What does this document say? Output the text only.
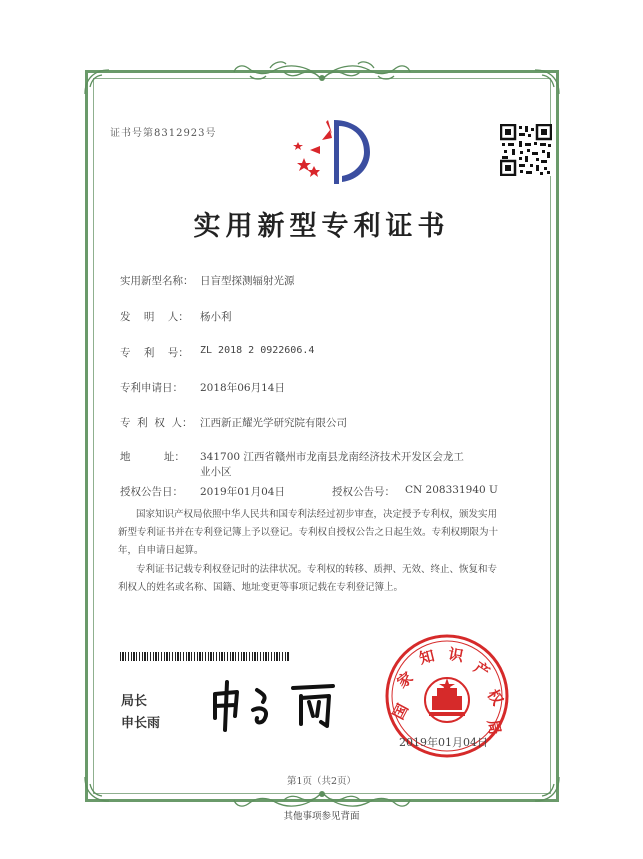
证书号第8312923号
实用新型专利证书
实用新型名称： 日盲型探测辐射光源
发    明    人： 杨小利
专    利    号： ZL 2018 2 0922606.4
专利申请日： 2018年06月14日
专  利  权  人： 江西新正耀光学研究院有限公司
地          址： 341700 江西省赣州市龙南县龙南经济技术开发区会龙工
业小区
授权公告日： 2019年01月04日	授权公告号： CN 208331940 U
国家知识产权局依照中华人民共和国专利法经过初步审查，决定授予专利权，颁发实用
新型专利证书并在专利登记簿上予以登记。专利权自授权公告之日起生效。专利权期限为十
年，自申请日起算。
专利证书记载专利权登记时的法律状况。专利权的转移、质押、无效、终止、恢复和专
利权人的姓名或名称、国籍、地址变更等事项记载在专利登记簿上。
局长
申长雨
国
家
知 识
产
权
局
2019年01月04日
第1页（共2页）
其他事项参见背面
